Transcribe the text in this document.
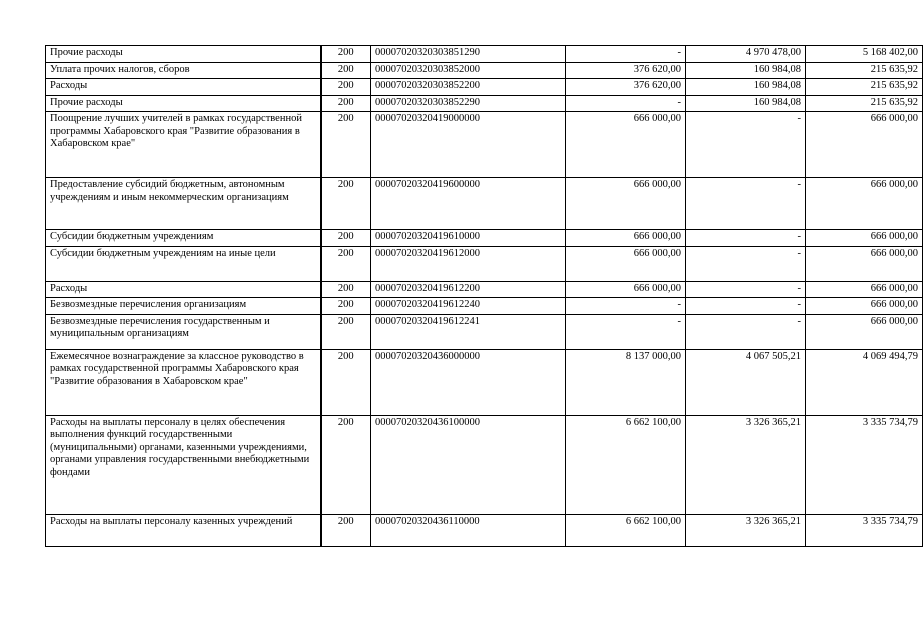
Прочие расходы	200	00007020320303851290	-	4 970 478,00	5 168 402,00
Уплата прочих налогов, сборов	200	00007020320303852000	376 620,00	160 984,08	215 635,92
Расходы	200	00007020320303852200	376 620,00	160 984,08	215 635,92
Прочие расходы	200	00007020320303852290	-	160 984,08	215 635,92
Поощрение лучших учителей в рамках государственной программы Хабаровского края "Развитие образования в Хабаровском крае"	200	00007020320419000000	666 000,00	-	666 000,00
Предоставление субсидий бюджетным, автономным учреждениям и иным некоммерческим организациям	200	00007020320419600000	666 000,00	-	666 000,00
Субсидии бюджетным учреждениям	200	00007020320419610000	666 000,00	-	666 000,00
Субсидии бюджетным учреждениям на иные цели	200	00007020320419612000	666 000,00	-	666 000,00
Расходы	200	00007020320419612200	666 000,00	-	666 000,00
Безвозмездные перечисления организациям	200	00007020320419612240	-	-	666 000,00
Безвозмездные перечисления государственным и муниципальным организациям	200	00007020320419612241	-	-	666 000,00
Ежемесячное вознаграждение за классное руководство в рамках государственной программы Хабаровского края "Развитие образования в Хабаровском крае"	200	00007020320436000000	8 137 000,00	4 067 505,21	4 069 494,79
Расходы на выплаты персоналу в целях обеспечения выполнения функций государственными (муниципальными) органами, казенными учреждениями, органами управления государственными внебюджетными фондами	200	00007020320436100000	6 662 100,00	3 326 365,21	3 335 734,79
Расходы на выплаты персоналу казенных учреждений	200	00007020320436110000	6 662 100,00	3 326 365,21	3 335 734,79
